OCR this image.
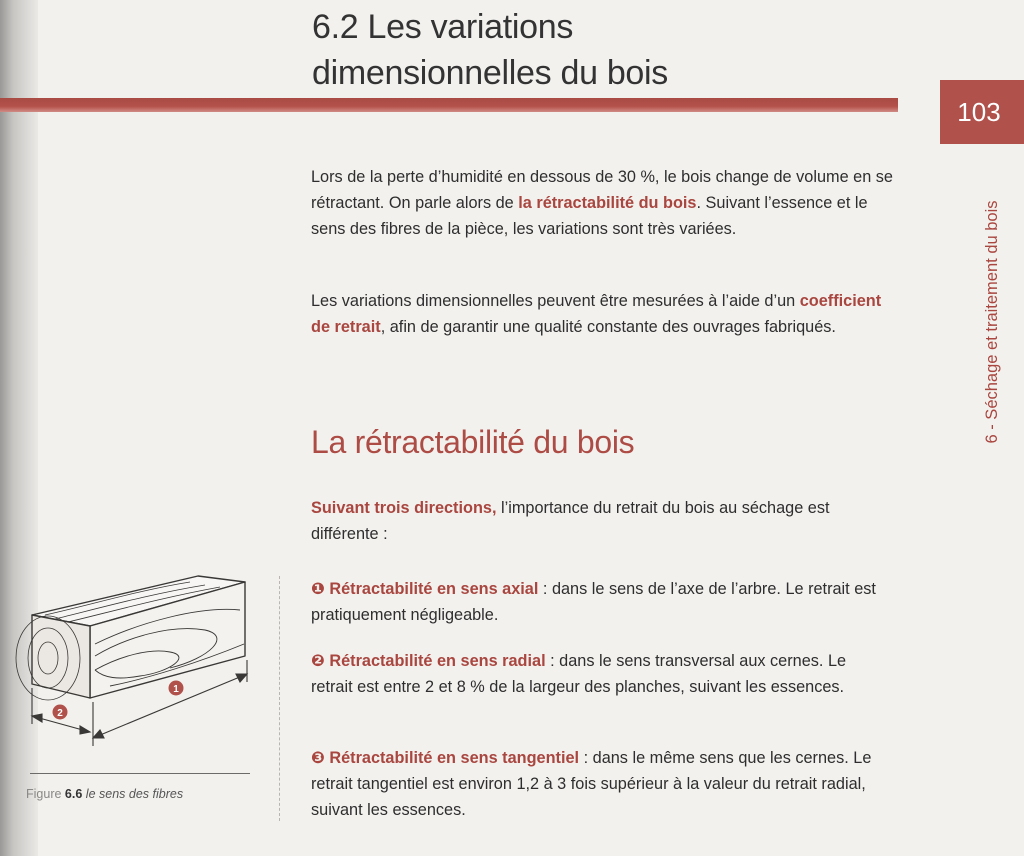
6.2 Les variations
dimensionnelles du bois
103
6 - Séchage et traitement du bois

Lors de la perte d’humidité en dessous de 30 %, le bois change de volume en se rétractant. On parle alors de la rétractabilité du bois. Suivant l’essence et le sens des fibres de la pièce, les variations sont très variées.

Les variations dimensionnelles peuvent être mesurées à l’aide d’un coefficient de retrait, afin de garantir une qualité constante des ouvrages fabriqués.

La rétractabilité du bois

Suivant trois directions, l’importance du retrait du bois au séchage est différente :

❶ Rétractabilité en sens axial : dans le sens de l’axe de l’arbre. Le retrait est pratiquement négligeable.

❷ Rétractabilité en sens radial : dans le sens transversal aux cernes. Le retrait est entre 2 et 8 % de la largeur des planches, suivant les essences.

❸ Rétractabilité en sens tangentiel : dans le même sens que les cernes. Le retrait tangentiel est environ 1,2 à 3 fois supérieur à la valeur du retrait radial, suivant les essences.

1
2
Figure 6.6 le sens des fibres
